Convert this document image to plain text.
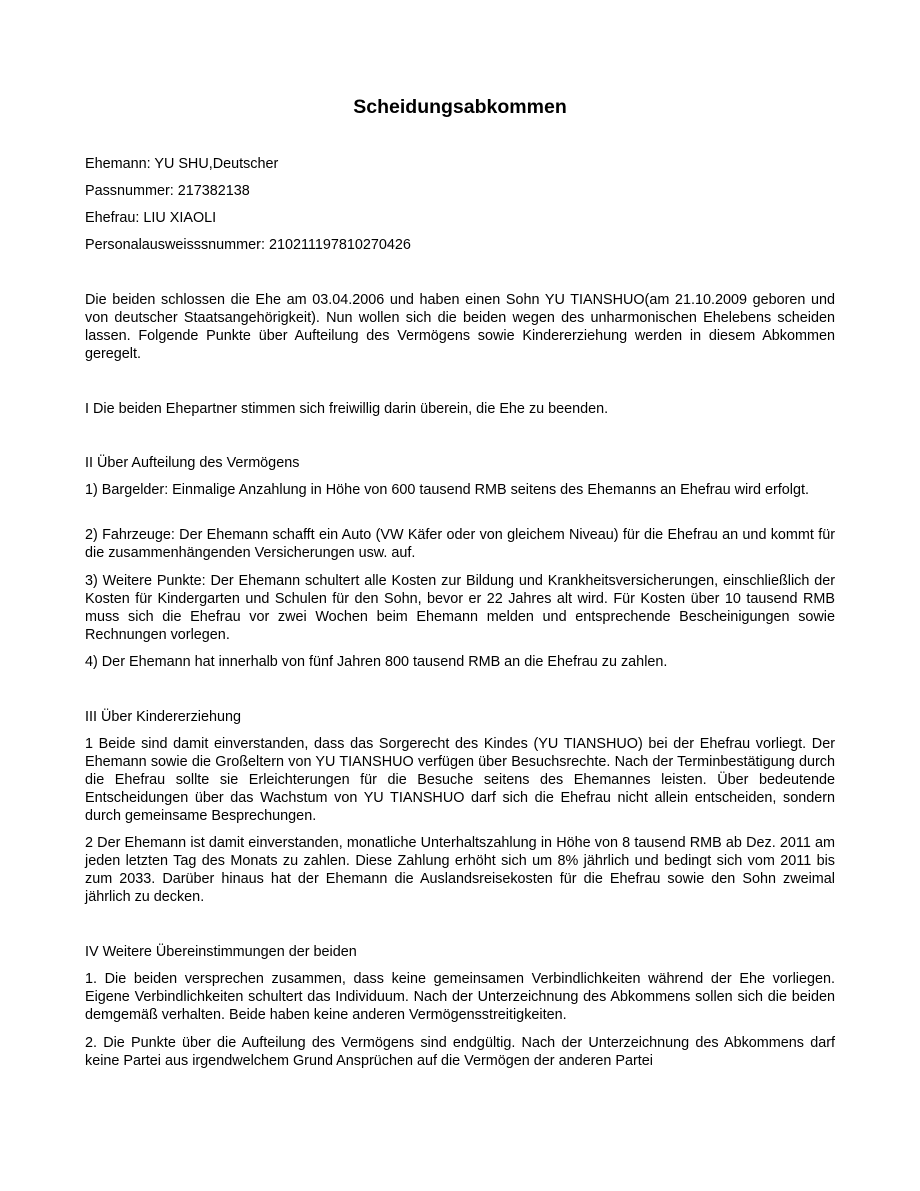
Scheidungsabkommen

Ehemann: YU SHU,Deutscher

Passnummer: 217382138

Ehefrau: LIU XIAOLI

Personalausweisssnummer: 210211197810270426

Die beiden schlossen die Ehe am 03.04.2006 und haben einen Sohn YU TIANSHUO(am 21.10.2009 geboren und von deutscher Staatsangehörigkeit). Nun wollen sich die beiden wegen des unharmonischen Ehelebens scheiden lassen. Folgende Punkte über Aufteilung des Vermögens sowie Kindererziehung werden in diesem Abkommen geregelt.

I Die beiden Ehepartner stimmen sich freiwillig darin überein, die Ehe zu beenden.

II Über Aufteilung des Vermögens

1) Bargelder: Einmalige Anzahlung in Höhe von 600 tausend RMB seitens des Ehemanns an Ehefrau wird erfolgt.

2) Fahrzeuge: Der Ehemann schafft ein Auto (VW Käfer oder von gleichem Niveau) für die Ehefrau an und kommt für die zusammenhängenden Versicherungen usw. auf.

3) Weitere Punkte: Der Ehemann schultert alle Kosten zur Bildung und Krankheitsversicherungen, einschließlich der Kosten für Kindergarten und Schulen für den Sohn, bevor er 22 Jahres alt wird. Für Kosten über 10 tausend RMB muss sich die Ehefrau vor zwei Wochen beim Ehemann melden und entsprechende Bescheinigungen sowie Rechnungen vorlegen.

4) Der Ehemann hat innerhalb von fünf Jahren 800 tausend RMB an die Ehefrau zu zahlen.

III Über Kindererziehung

1 Beide sind damit einverstanden, dass das Sorgerecht des Kindes (YU TIANSHUO) bei der Ehefrau vorliegt. Der Ehemann sowie die Großeltern von YU TIANSHUO verfügen über Besuchsrechte. Nach der Terminbestätigung durch die Ehefrau sollte sie Erleichterungen für die Besuche seitens des Ehemannes leisten. Über bedeutende Entscheidungen über das Wachstum von YU TIANSHUO darf sich die Ehefrau nicht allein entscheiden, sondern durch gemeinsame Besprechungen.

2 Der Ehemann ist damit einverstanden, monatliche Unterhaltszahlung in Höhe von 8 tausend RMB ab Dez. 2011 am jeden letzten Tag des Monats zu zahlen. Diese Zahlung erhöht sich um 8% jährlich und bedingt sich vom 2011 bis zum 2033. Darüber hinaus hat der Ehemann die Auslandsreisekosten für die Ehefrau sowie den Sohn zweimal jährlich zu decken.

IV Weitere Übereinstimmungen der beiden

1. Die beiden versprechen zusammen, dass keine gemeinsamen Verbindlichkeiten während der Ehe vorliegen. Eigene Verbindlichkeiten schultert das Individuum. Nach der Unterzeichnung des Abkommens sollen sich die beiden demgemäß verhalten. Beide haben keine anderen Vermögensstreitigkeiten.

2. Die Punkte über die Aufteilung des Vermögens sind endgültig. Nach der Unterzeichnung des Abkommens darf keine Partei aus irgendwelchem Grund Ansprüchen auf die Vermögen der anderen Partei
